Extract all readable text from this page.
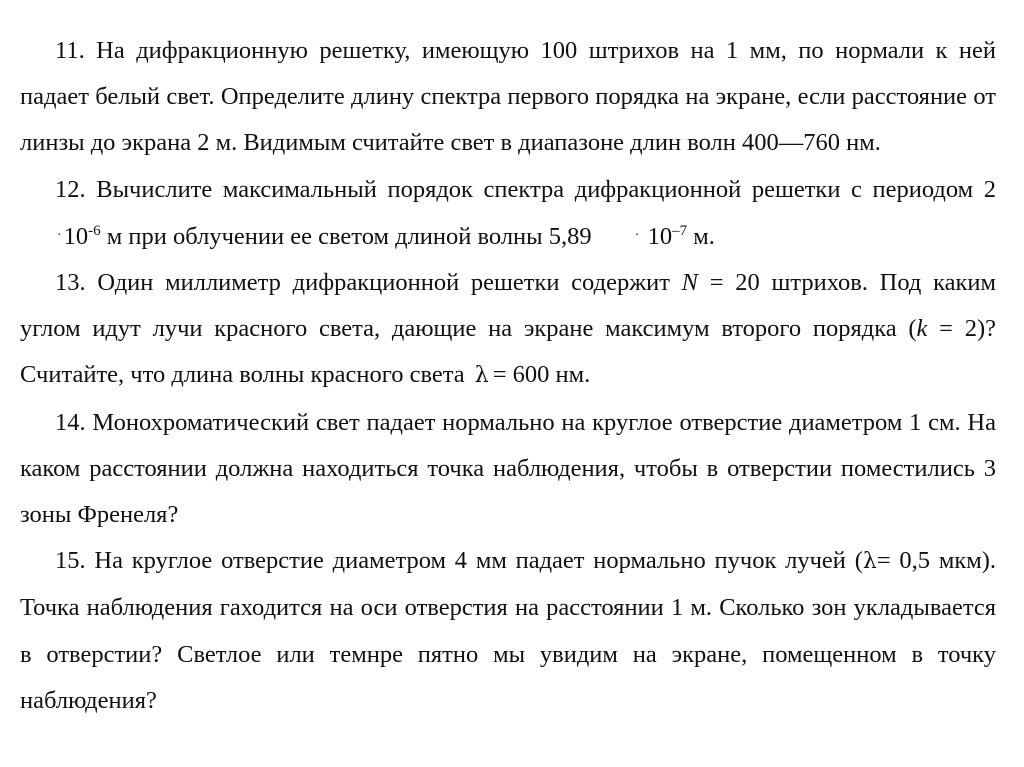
11. На дифракционную решетку, имеющую 100 штрихов на 1 мм, по нормали к ней падает белый свет. Определите длину спектра первого порядка на экране, если расстояние от линзы до экрана 2 м. Видимым считайте свет в диапазоне длин волн 400—760 нм.

12. Вычислите максимальный порядок спектра дифракционной решетки с периодом $2 \cdot 10^{-6}$ м при облучении ее светом длиной волны 5,89	· $10^{-7}$ м.

13. Один миллиметр дифракционной решетки содержит N = 20 штрихов. Под каким углом идут лучи красного света, дающие на экране максимум второго порядка (k = 2)? Считайте, что длина волны красного света λ = 600 нм.

14. Монохроматический свет падает нормально на круглое отверстие диаметром 1 см. На каком расстоянии должна находиться точка наблюдения, чтобы в отверстии поместились 3 зоны Френеля?

15. На круглое отверстие диаметром 4 мм падает нормально пучок лучей (λ= 0,5 мкм). Точка наблюдения гаходится на оси отверстия на расстоянии 1 м. Сколько зон укладывается в отверстии? Светлое или темнре пятно мы увидим на экране, помещенном в точку наблюдения?
